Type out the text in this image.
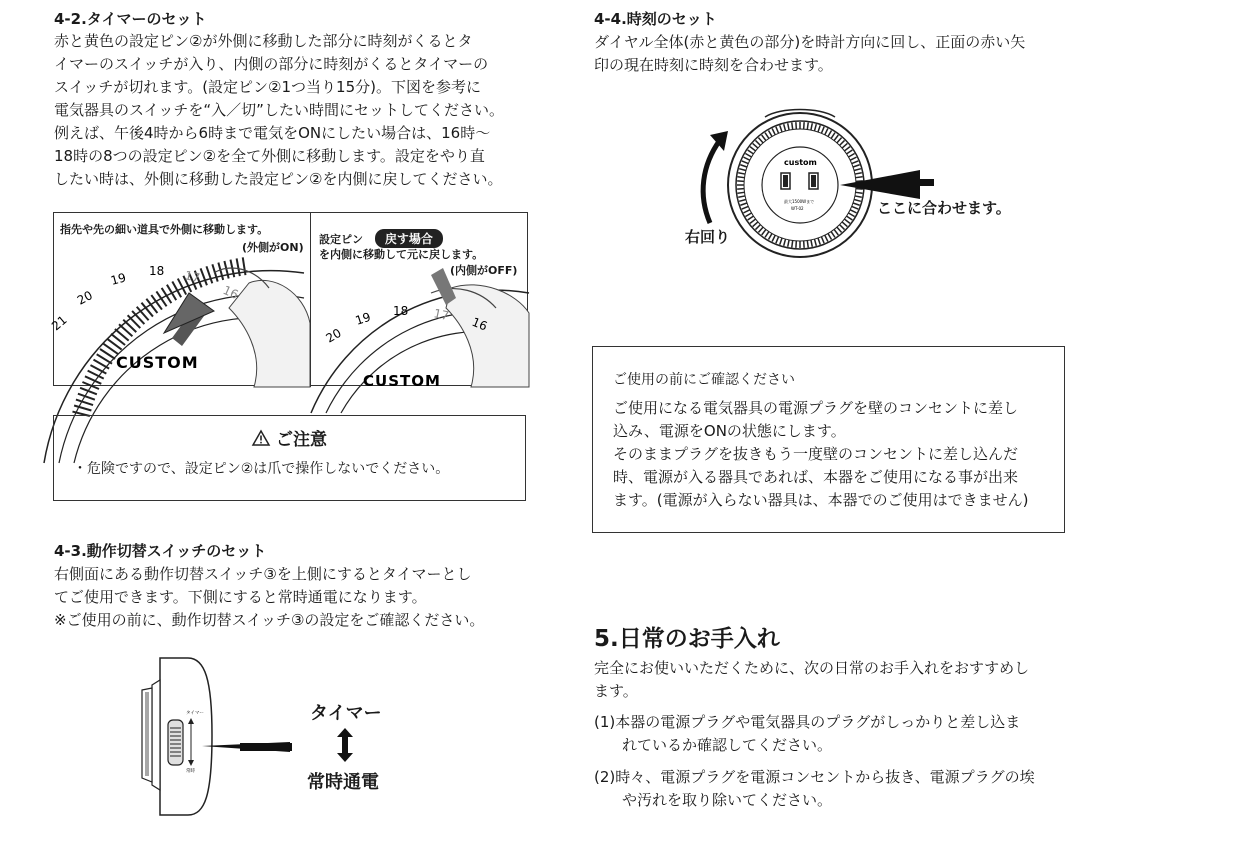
4-2.タイマーのセット
赤と黄色の設定ピン②が外側に移動した部分に時刻がくるとタ
イマーのスイッチが入り、内側の部分に時刻がくるとタイマーの
スイッチが切れます。(設定ピン②1つ当り15分)。下図を参考に
電気器具のスイッチを“入／切”したい時間にセットしてください。
例えば、午後4時から6時まで電気をONにしたい場合は、16時〜
18時の8つの設定ピン②を全て外側に移動します。設定をやり直
したい時は、外側に移動した設定ピン②を内側に戻してください。
21
20
19 18 17
16
CUSTOM
指先や先の細い道具で外側に移動します。
(外側がON)
20
19 18 17
16
CUSTOM
設定ピン 戻す場合
を内側に移動して元に戻します。
(内側がOFF)
ご注意
・危険ですので、設定ピン②は爪で操作しないでください。
4-3.動作切替スイッチのセット
右側面にある動作切替スイッチ③を上側にするとタイマーとし
てご使用できます。下側にすると常時通電になります。
※ご使用の前に、動作切替スイッチ③の設定をご確認ください。
タイマー
常時
タイマー
常時通電
4-4.時刻のセット
ダイヤル全体(赤と黄色の部分)を時計方向に回し、正面の赤い矢
印の現在時刻に時刻を合わせます。
custom
最大1500Wまで
WT-02
右回り
ここに合わせます。
ご使用の前にご確認ください
ご使用になる電気器具の電源プラグを壁のコンセントに差し
込み、電源をONの状態にします。
そのままプラグを抜きもう一度壁のコンセントに差し込んだ
時、電源が入る器具であれば、本器をご使用になる事が出来
ます。(電源が入らない器具は、本器でのご使用はできません)
5.日常のお手入れ
完全にお使いいただくために、次の日常のお手入れをおすすめし
ます。
(1)本器の電源プラグや電気器具のプラグがしっかりと差し込ま
れているか確認してください。
(2)時々、電源プラグを電源コンセントから抜き、電源プラグの埃
や汚れを取り除いてください。
